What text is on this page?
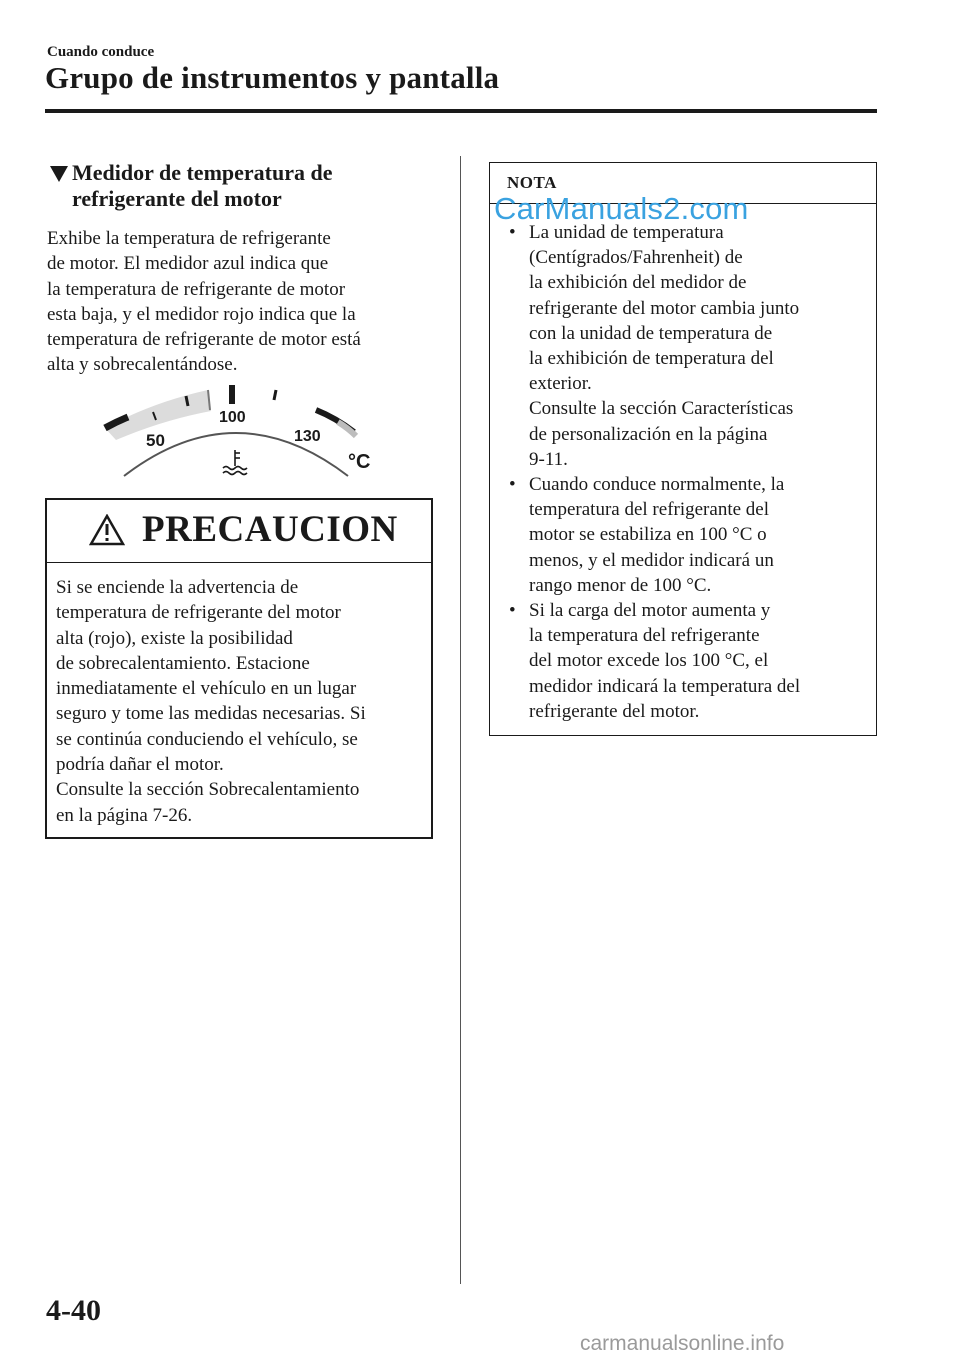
Cuando conduce
Grupo de instrumentos y pantalla
Medidor de temperatura de
refrigerante del motor
Exhibe la temperatura de refrigerante
de motor. El medidor azul indica que
la temperatura de refrigerante de motor
esta baja, y el medidor rojo indica que la
temperatura de refrigerante de motor está
alta y sobrecalentándose.
50
100
130
°C
PRECAUCION
Si se enciende la advertencia de
temperatura de refrigerante del motor
alta (rojo), existe la posibilidad
de sobrecalentamiento. Estacione
inmediatamente el vehículo en un lugar
seguro y tome las medidas necesarias. Si
se continúa conduciendo el vehículo, se
podría dañar el motor.
Consulte la sección Sobrecalentamiento
en la página 7-26.
NOTA
CarManuals2.com
• La unidad de temperatura
(Centígrados/Fahrenheit) de
la exhibición del medidor de
refrigerante del motor cambia junto
con la unidad de temperatura de
la exhibición de temperatura del
exterior.
Consulte la sección Características
de personalización en la página
9-11.
• Cuando conduce normalmente, la
temperatura del refrigerante del
motor se estabiliza en 100 °C o
menos, y el medidor indicará un
rango menor de 100 °C.
• Si la carga del motor aumenta y
la temperatura del refrigerante
del motor excede los 100 °C, el
medidor indicará la temperatura del
refrigerante del motor.
4-40
carmanualsonline.info
